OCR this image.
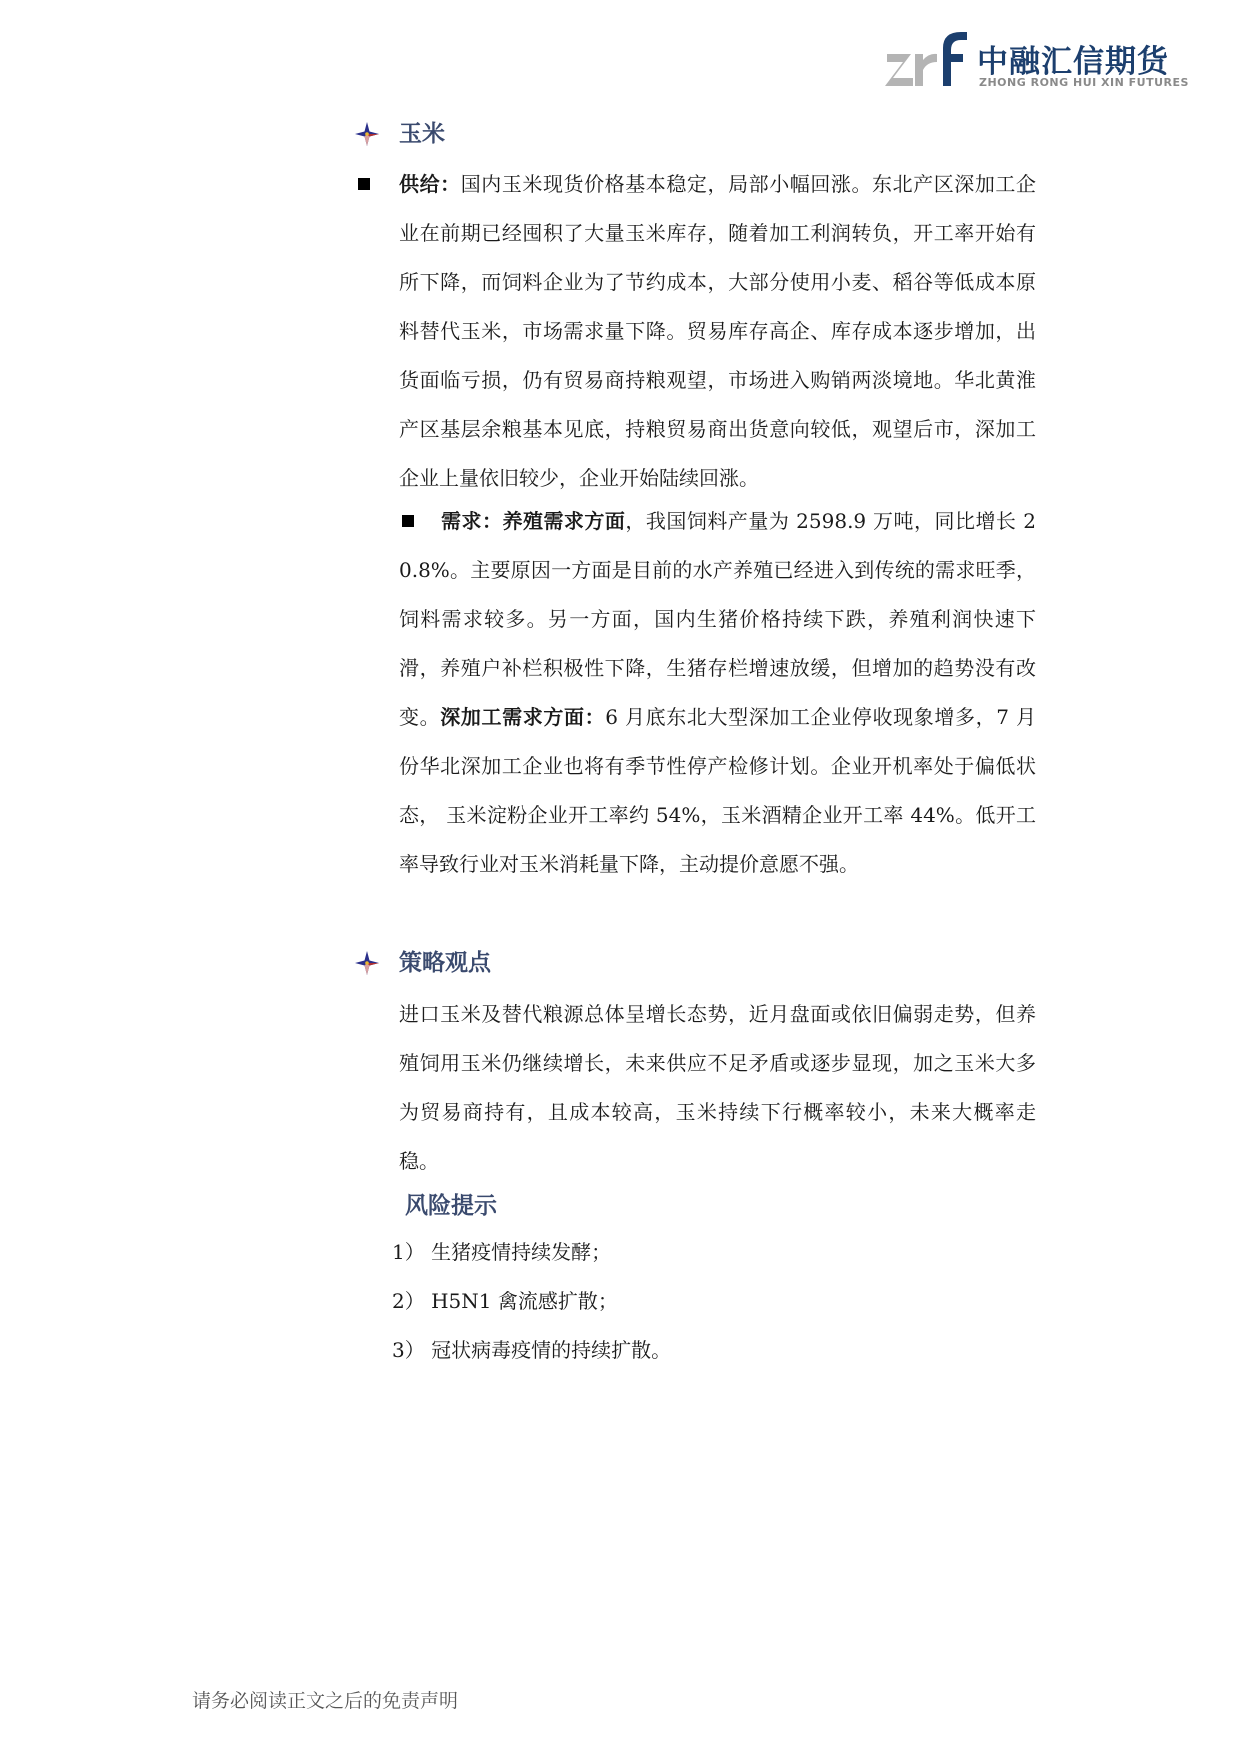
中融汇信期货
ZHONG RONG HUI XIN FUTURES
玉米
供给：国内玉米现货价格基本稳定，局部小幅回涨。东北产区深加工企业在前期已经囤积了大量玉米库存，随着加工利润转负，开工率开始有所下降，而饲料企业为了节约成本，大部分使用小麦、稻谷等低成本原料替代玉米，市场需求量下降。贸易库存高企、库存成本逐步增加，出货面临亏损，仍有贸易商持粮观望，市场进入购销两淡境地。华北黄淮产区基层余粮基本见底，持粮贸易商出货意向较低，观望后市，深加工企业上量依旧较少，企业开始陆续回涨。
需求：养殖需求方面，我国饲料产量为 2598.9 万吨，同比增长 20.8%。主要原因一方面是目前的水产养殖已经进入到传统的需求旺季，饲料需求较多。另一方面，国内生猪价格持续下跌，养殖利润快速下滑，养殖户补栏积极性下降，生猪存栏增速放缓，但增加的趋势没有改变。深加工需求方面：6 月底东北大型深加工企业停收现象增多，7 月份华北深加工企业也将有季节性停产检修计划。企业开机率处于偏低状态， 玉米淀粉企业开工率约 54%，玉米酒精企业开工率 44%。低开工率导致行业对玉米消耗量下降，主动提价意愿不强。
策略观点
进口玉米及替代粮源总体呈增长态势，近月盘面或依旧偏弱走势，但养殖饲用玉米仍继续增长，未来供应不足矛盾或逐步显现，加之玉米大多为贸易商持有，且成本较高，玉米持续下行概率较小，未来大概率走稳。
风险提示
1） 生猪疫情持续发酵；
2） H5N1 禽流感扩散；
3） 冠状病毒疫情的持续扩散。
请务必阅读正文之后的免责声明
